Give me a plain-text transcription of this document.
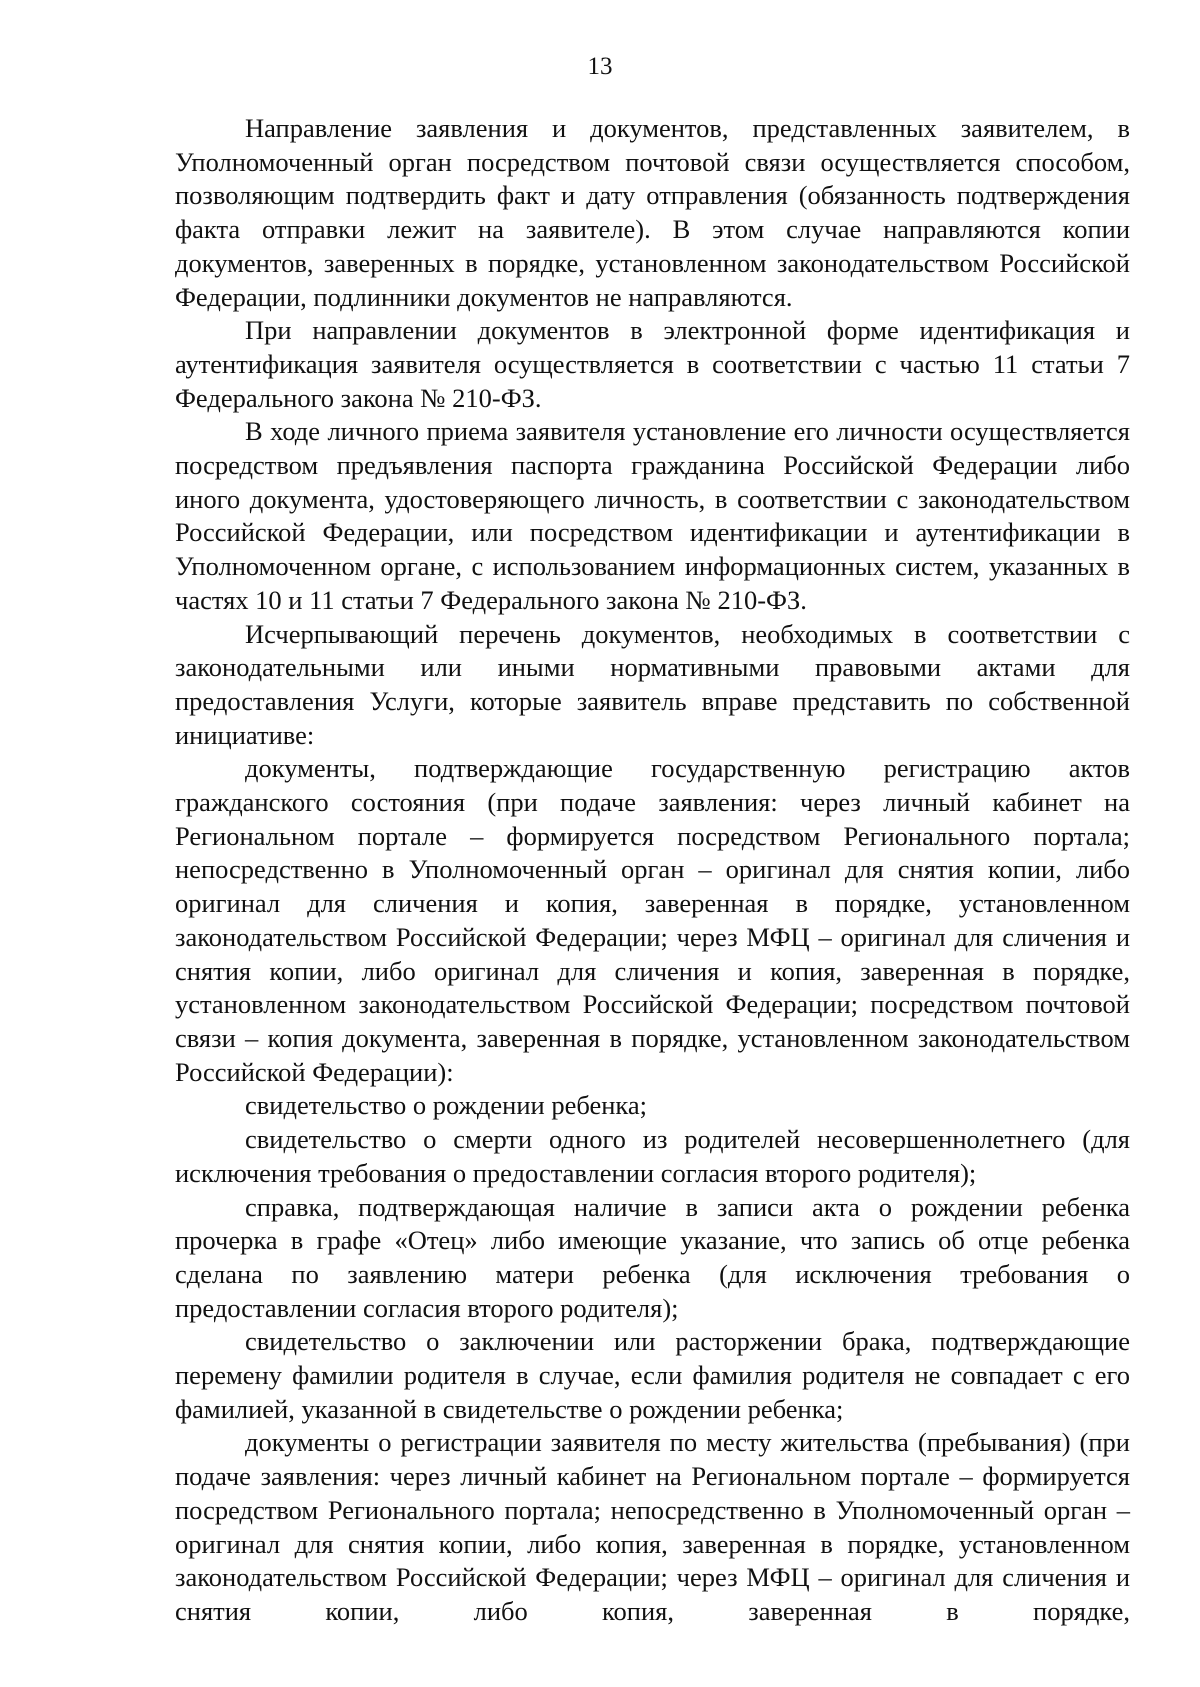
13

Направление заявления и документов, представленных заявителем, в Уполномоченный орган посредством почтовой связи осуществляется способом, позволяющим подтвердить факт и дату отправления (обязанность подтверждения факта отправки лежит на заявителе). В этом случае направляются копии документов, заверенных в порядке, установленном законодательством Российской Федерации, подлинники документов не направляются.

При направлении документов в электронной форме идентификация и аутентификация заявителя осуществляется в соответствии с частью 11 статьи 7 Федерального закона № 210-ФЗ.

В ходе личного приема заявителя установление его личности осуществляется посредством предъявления паспорта гражданина Российской Федерации либо иного документа, удостоверяющего личность, в соответствии с законодательством Российской Федерации, или посредством идентификации и аутентификации в Уполномоченном органе, с использованием информационных систем, указанных в частях 10 и 11 статьи 7 Федерального закона № 210-ФЗ.

Исчерпывающий перечень документов, необходимых в соответствии с законодательными или иными нормативными правовыми актами для предоставления Услуги, которые заявитель вправе представить по собственной инициативе:

документы, подтверждающие государственную регистрацию актов гражданского состояния (при подаче заявления: через личный кабинет на Региональном портале – формируется посредством Регионального портала; непосредственно в Уполномоченный орган – оригинал для снятия копии, либо оригинал для сличения и копия, заверенная в порядке, установленном законодательством Российской Федерации; через МФЦ – оригинал для сличения и снятия копии, либо оригинал для сличения и копия, заверенная в порядке, установленном законодательством Российской Федерации; посредством почтовой связи – копия документа, заверенная в порядке, установленном законодательством Российской Федерации):

свидетельство о рождении ребенка;

свидетельство о смерти одного из родителей несовершеннолетнего (для исключения требования о предоставлении согласия второго родителя);

справка, подтверждающая наличие в записи акта о рождении ребенка прочерка в графе «Отец» либо имеющие указание, что запись об отце ребенка сделана по заявлению матери ребенка (для исключения требования о предоставлении согласия второго родителя);

свидетельство о заключении или расторжении брака, подтверждающие перемену фамилии родителя в случае, если фамилия родителя не совпадает с его фамилией, указанной в свидетельстве о рождении ребенка;

документы о регистрации заявителя по месту жительства (пребывания) (при подаче заявления: через личный кабинет на Региональном портале – формируется посредством Регионального портала; непосредственно в Уполномоченный орган – оригинал для снятия копии, либо копия, заверенная в порядке, установленном законодательством Российской Федерации; через МФЦ – оригинал для сличения и снятия копии, либо копия, заверенная в порядке,
